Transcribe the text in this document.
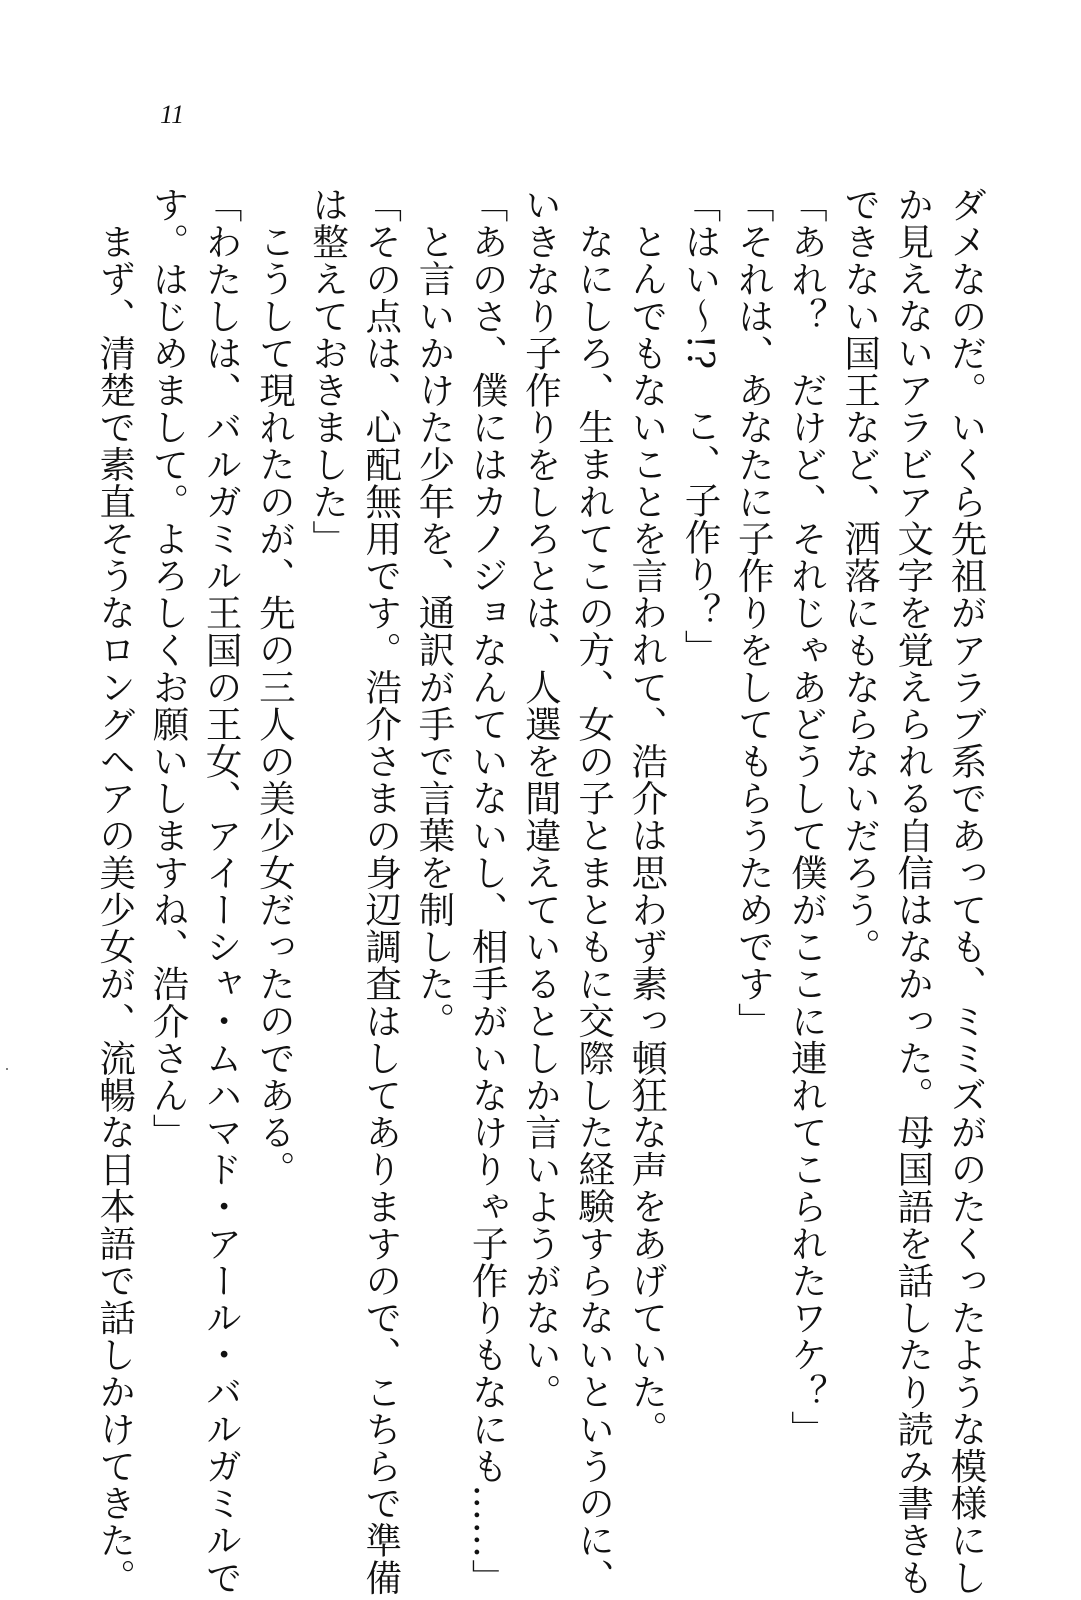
11
ダメなのだ。いくら先祖がアラブ系であっても、ミミズがのたくったような模様にし
か見えないアラビア文字を覚えられる自信はなかった。母国語を話したり読み書きも
できない国王など、洒落にもならないだろう。
「あれ？　だけど、それじゃあどうして僕がここに連れてこられたワケ？」
「それは、あなたに子作りをしてもらうためです」
「はい〜!?　こ、子作り？」
とんでもないことを言われて、浩介は思わず素っ頓狂な声をあげていた。
なにしろ、生まれてこの方、女の子とまともに交際した経験すらないというのに、
いきなり子作りをしろとは、人選を間違えているとしか言いようがない。
「あのさ、僕にはカノジョなんていないし、相手がいなけりゃ子作りもなにも……」
と言いかけた少年を、通訳が手で言葉を制した。
「その点は、心配無用です。浩介さまの身辺調査はしてありますので、こちらで準備
は整えておきました」
こうして現れたのが、先の三人の美少女だったのである。
「わたしは、バルガミル王国の王女、アイーシャ・ムハマド・アール・バルガミルで
す。はじめまして。よろしくお願いしますね、浩介さん」
まず、清楚で素直そうなロングヘアの美少女が、流暢な日本語で話しかけてきた。
